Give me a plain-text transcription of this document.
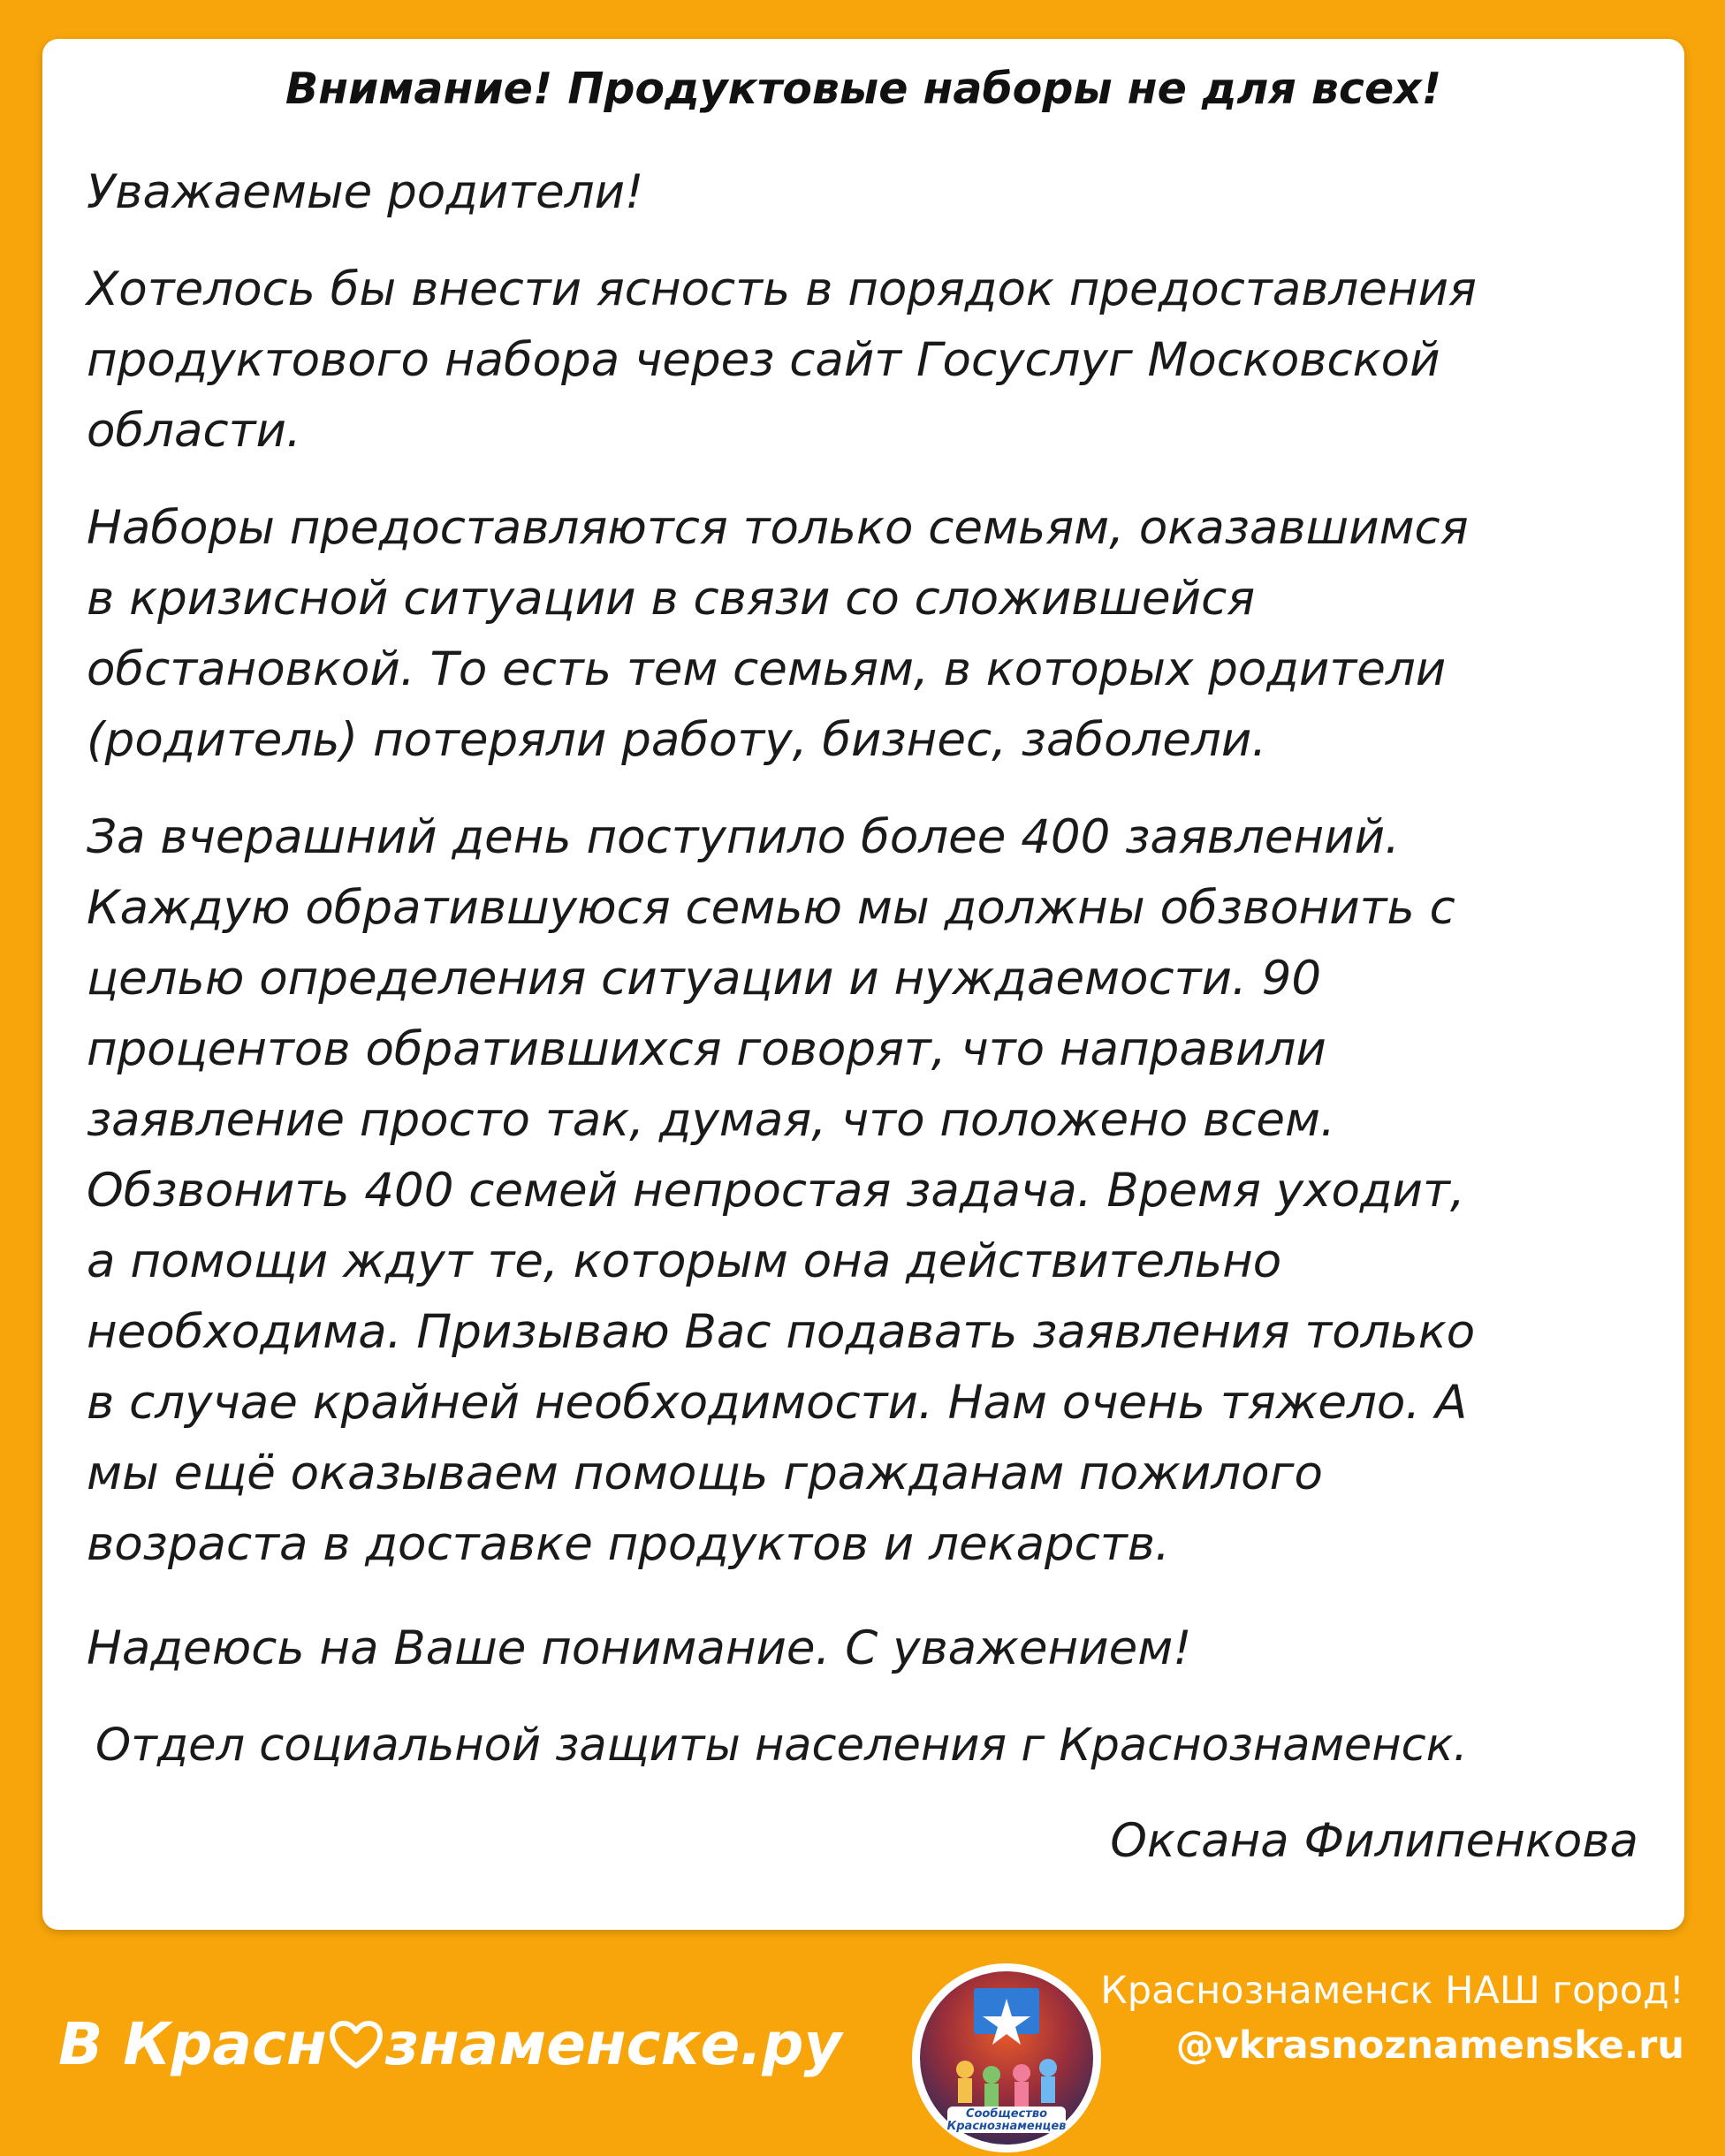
Внимание! Продуктовые наборы не для всех!

Уважаемые родители!

Хотелось бы внести ясность в порядок предоставления
продуктового набора через сайт Госуслуг Московской
области.

Наборы предоставляются только семьям, оказавшимся
в кризисной ситуации в связи со сложившейся
обстановкой. То есть тем семьям, в которых родители
(родитель) потеряли работу, бизнес, заболели.

За вчерашний день поступило более 400 заявлений.
Каждую обратившуюся семью мы должны обзвонить с
целью определения ситуации и нуждаемости. 90
процентов обратившихся говорят, что направили
заявление просто так, думая, что положено всем.
Обзвонить 400 семей непростая задача. Время уходит,
а помощи ждут те, которым она действительно
необходима. Призываю Вас подавать заявления только
в случае крайней необходимости. Нам очень тяжело. А
мы ещё оказываем помощь гражданам пожилого
возраста в доставке продуктов и лекарств.

Надеюсь на Ваше понимание. С уважением!

Отдел социальной защиты населения г Краснознаменск.

Оксана Филипенкова

В Красн знаменске.ру
Сообщество
Краснознаменцев
Краснознаменск НАШ город!
@vkrasnoznamenske.ru
